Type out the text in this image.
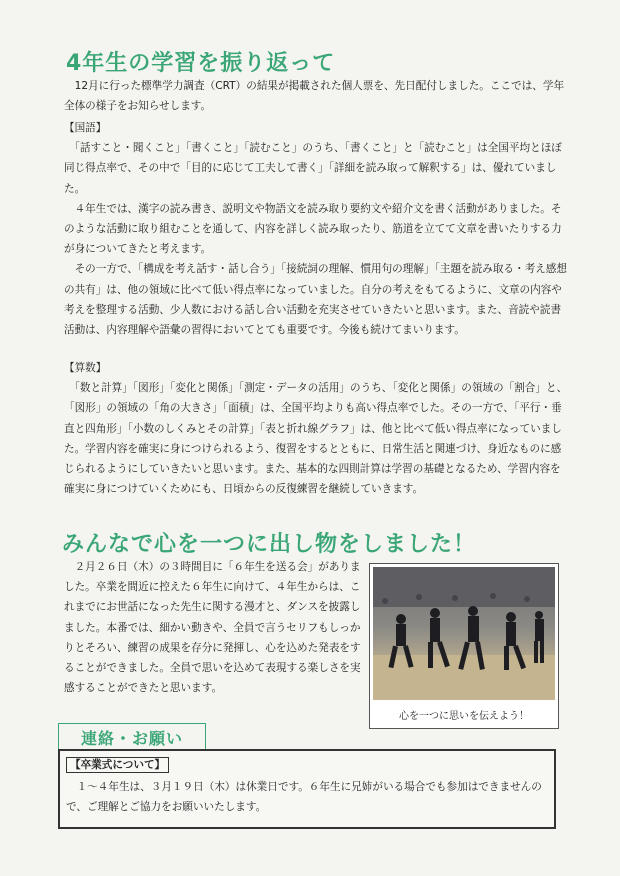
4年生の学習を振り返って

　12月に行った標準学力調査（CRT）の結果が掲載された個人票を、先日配付しました。ここでは、学年全体の様子をお知らせします。

【国語】
　「話すこと・聞くこと」「書くこと」「読むこと」のうち、「書くこと」と「読むこと」は全国平均とほぼ同じ得点率で、その中で「目的に応じて工夫して書く」「詳細を読み取って解釈する」は、優れていました。
　４年生では、漢字の読み書き、説明文や物語文を読み取り要約文や紹介文を書く活動がありました。そのような活動に取り組むことを通して、内容を詳しく読み取ったり、筋道を立てて文章を書いたりする力が身についてきたと考えます。
　その一方で、「構成を考え話す・話し合う」「接続詞の理解、慣用句の理解」「主題を読み取る・考え感想の共有」は、他の領域に比べて低い得点率になっていました。自分の考えをもてるように、文章の内容や考えを整理する活動、少人数における話し合い活動を充実させていきたいと思います。また、音読や読書活動は、内容理解や語彙の習得においてとても重要です。今後も続けてまいります。

【算数】
　「数と計算」「図形」「変化と関係」「測定・データの活用」のうち、「変化と関係」の領域の「割合」と、「図形」の領域の「角の大きさ」「面積」は、全国平均よりも高い得点率でした。その一方で、「平行・垂直と四角形」「小数のしくみとその計算」「表と折れ線グラフ」は、他と比べて低い得点率になっていました。学習内容を確実に身につけられるよう、復習をするとともに、日常生活と関連づけ、身近なものに感じられるようにしていきたいと思います。また、基本的な四則計算は学習の基礎となるため、学習内容を確実に身につけていくためにも、日頃からの反復練習を継続していきます。

みんなで心を一つに出し物をしました！

　２月２６日（木）の３時間目に「６年生を送る会」がありました。卒業を間近に控えた６年生に向けて、４年生からは、これまでにお世話になった先生に関する漫才と、ダンスを披露しました。本番では、細かい動きや、全員で言うセリフもしっかりとそろい、練習の成果を存分に発揮し、心を込めた発表をすることができました。全員で思いを込めて表現する楽しさを実感することができたと思います。

心を一つに思いを伝えよう！
連絡・お願い
【卒業式について】

　１～４年生は、３月１９日（木）は休業日です。６年生に兄姉がいる場合でも参加はできませんので、ご理解とご協力をお願いいたします。
